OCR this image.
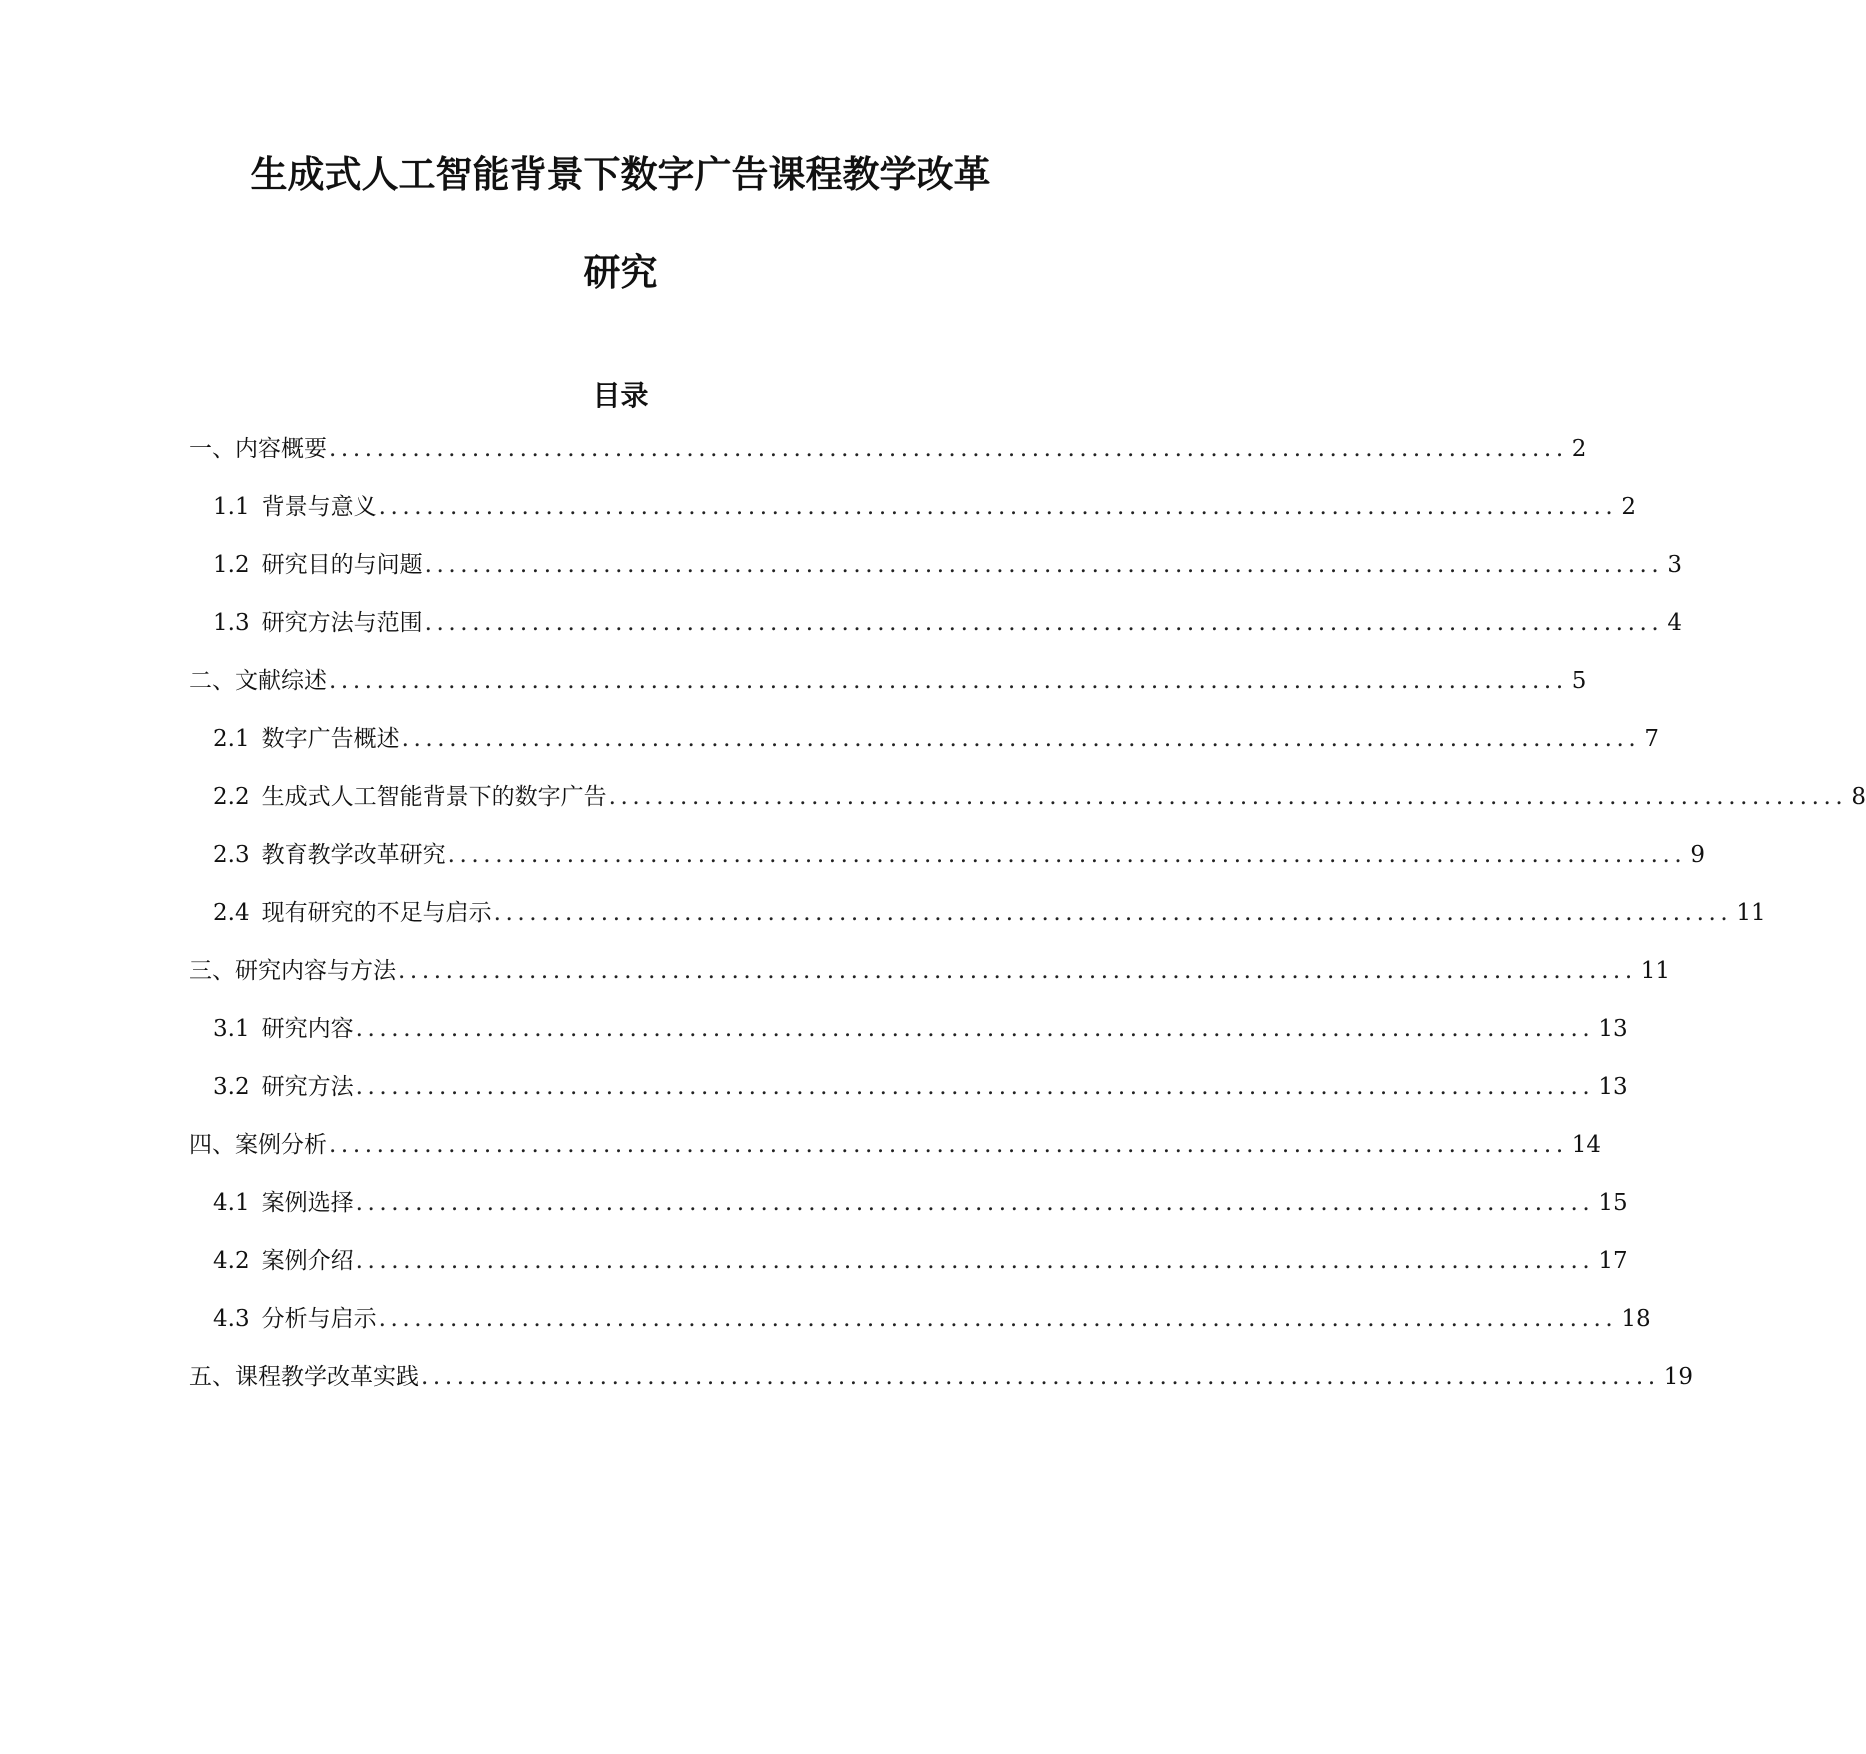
生成式人工智能背景下数字广告课程教学改革
研究
目录
一、内容概要 ........................................................................................................ 2
1.1 背景与意义 ........................................................................................................ 2
1.2 研究目的与问题 ........................................................................................................ 3
1.3 研究方法与范围 ........................................................................................................ 4
二、文献综述 ........................................................................................................ 5
2.1 数字广告概述 ........................................................................................................ 7
2.2 生成式人工智能背景下的数字广告 ........................................................................................................ 8
2.3 教育教学改革研究 ........................................................................................................ 9
2.4 现有研究的不足与启示 ........................................................................................................ 11
三、研究内容与方法 ........................................................................................................ 11
3.1 研究内容 ........................................................................................................ 13
3.2 研究方法 ........................................................................................................ 13
四、案例分析 ........................................................................................................ 14
4.1 案例选择 ........................................................................................................ 15
4.2 案例介绍 ........................................................................................................ 17
4.3 分析与启示 ........................................................................................................ 18
五、课程教学改革实践 ........................................................................................................ 19
